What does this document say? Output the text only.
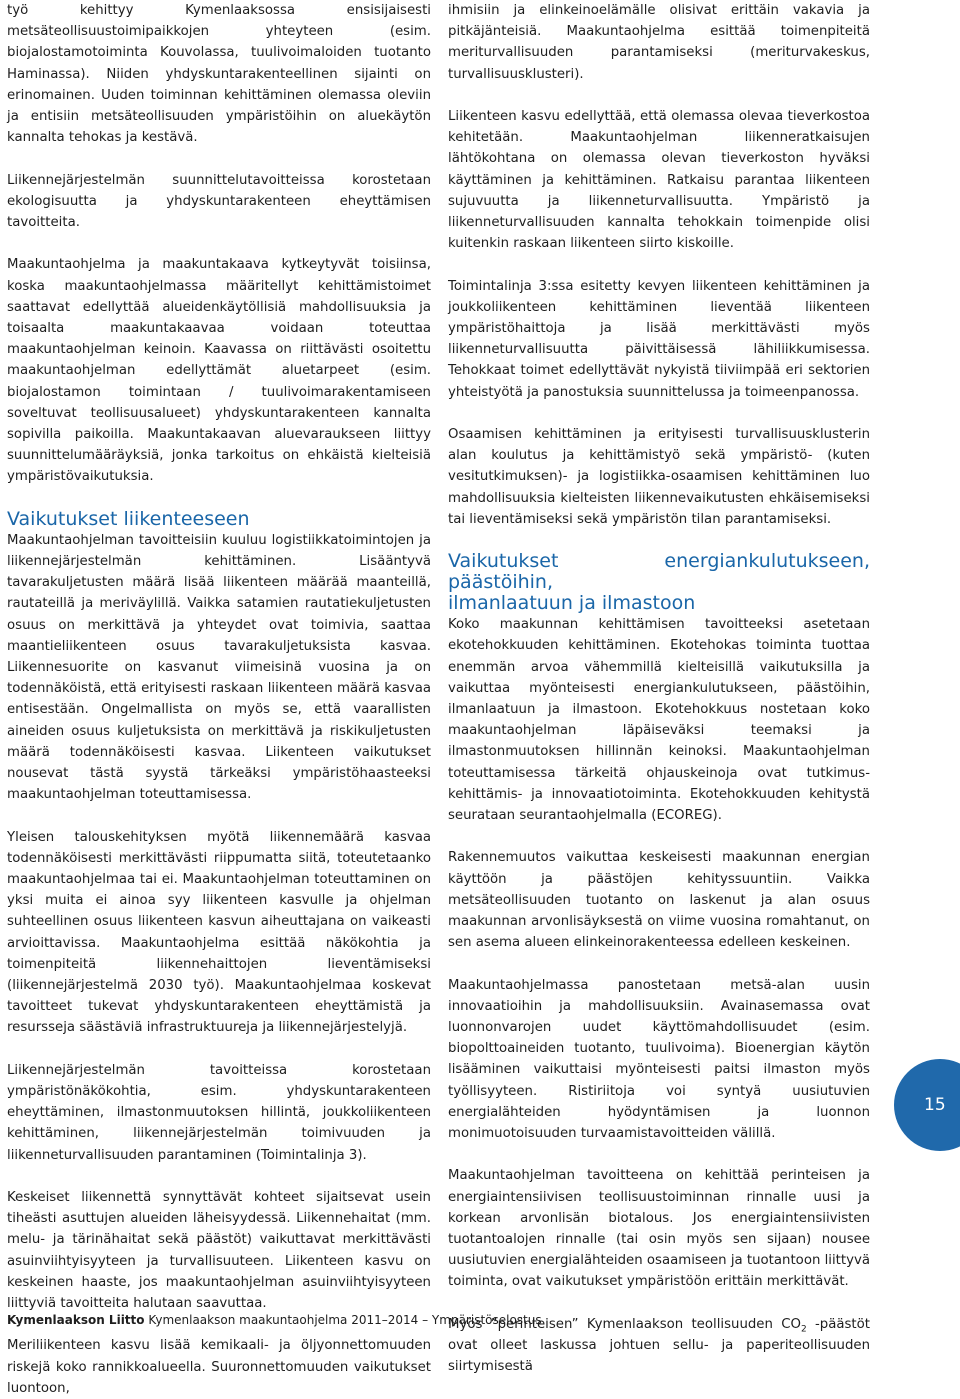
työ kehittyy Kymenlaaksossa ensisijaisesti metsäteollisuustoimipaikkojen yhteyteen (esim. biojalostamotoiminta Kouvolassa, tuulivoimaloiden tuotanto Haminassa). Niiden yhdyskuntarakenteellinen sijainti on erinomainen. Uuden toiminnan kehittäminen olemassa oleviin ja entisiin metsäteollisuuden ympäristöihin on aluekäytön kannalta tehokas ja kestävä.

Liikennejärjestelmän suunnittelutavoitteissa korostetaan ekologisuutta ja yhdyskuntarakenteen eheyttämisen tavoitteita.

Maakuntaohjelma ja maakuntakaava kytkeytyvät toisiinsa, koska maakuntaohjelmassa määritellyt kehittämistoimet saattavat edellyttää alueidenkäytöllisiä mahdollisuuksia ja toisaalta maakuntakaavaa voidaan toteuttaa maakuntaohjelman keinoin. Kaavassa on riittävästi osoitettu maakuntaohjelman edellyttämät aluetarpeet (esim. biojalostamon toimintaan / tuulivoimarakentamiseen soveltuvat teollisuusalueet) yhdyskuntarakenteen kannalta sopivilla paikoilla. Maakuntakaavan aluevaraukseen liittyy suunnittelumääräyksiä, jonka tarkoitus on ehkäistä kielteisiä ympäristövaikutuksia.

Vaikutukset liikenteeseen

Maakuntaohjelman tavoitteisiin kuuluu logistiikkatoimintojen ja liikennejärjestelmän kehittäminen. Lisääntyvä tavarakuljetusten määrä lisää liikenteen määrää maanteillä, rautateillä ja meriväylillä. Vaikka satamien rautatiekuljetusten osuus on merkittävä ja yhteydet ovat toimivia, saattaa maantieliikenteen osuus tavarakuljetuksista kasvaa. Liikennesuorite on kasvanut viimeisinä vuosina ja on todennäköistä, että erityisesti raskaan liikenteen määrä kasvaa entisestään. Ongelmallista on myös se, että vaarallisten aineiden osuus kuljetuksista on merkittävä ja riskikuljetusten määrä todennäköisesti kasvaa. Liikenteen vaikutukset nousevat tästä syystä tärkeäksi ympäristöhaasteeksi maakuntaohjelman toteuttamisessa.

Yleisen talouskehityksen myötä liikennemäärä kasvaa todennäköisesti merkittävästi riippumatta siitä, toteutetaanko maakuntaohjelmaa tai ei. Maakuntaohjelman toteuttaminen on yksi muita ei ainoa syy liikenteen kasvulle ja ohjelman suhteellinen osuus liikenteen kasvun aiheuttajana on vaikeasti arvioittavissa. Maakuntaohjelma esittää näkökohtia ja toimenpiteitä liikennehaittojen lieventämiseksi (liikennejärjestelmä 2030 työ). Maakuntaohjelmaa koskevat tavoitteet tukevat yhdyskuntarakenteen eheyttämistä ja resursseja säästäviä infrastruktuureja ja liikennejärjestelyjä.

Liikennejärjestelmän tavoitteissa korostetaan ympäristönäkökohtia, esim. yhdyskuntarakenteen eheyttäminen, ilmastonmuutoksen hillintä, joukkoliikenteen kehittäminen, liikennejärjestelmän toimivuuden ja liikenneturvallisuuden parantaminen (Toimintalinja 3).

Keskeiset liikennettä synnyttävät kohteet sijaitsevat usein tiheästi asuttujen alueiden läheisyydessä. Liikennehaitat (mm. melu- ja tärinähaitat sekä päästöt) vaikuttavat merkittävästi asuinviihtyisyyteen ja turvallisuuteen. Liikenteen kasvu on keskeinen haaste, jos maakuntaohjelman asuinviihtyisyyteen liittyviä tavoitteita halutaan saavuttaa.

Meriliikenteen kasvu lisää kemikaali- ja öljyonnettomuuden riskejä koko rannikkoalueella. Suuronnettomuuden vaikutukset luontoon,

ihmisiin ja elinkeinoelämälle olisivat erittäin vakavia ja pitkäjänteisiä. Maakuntaohjelma esittää toimenpiteitä meriturvallisuuden parantamiseksi (meriturvakeskus, turvallisuusklusteri).

Liikenteen kasvu edellyttää, että olemassa olevaa tieverkostoa kehitetään. Maakuntaohjelman liikenneratkaisujen lähtökohtana on olemassa olevan tieverkoston hyväksi käyttäminen ja kehittäminen. Ratkaisu parantaa liikenteen sujuvuutta ja liikenneturvallisuutta. Ympäristö ja liikenneturvallisuuden kannalta tehokkain toimenpide olisi kuitenkin raskaan liikenteen siirto kiskoille.

Toimintalinja 3:ssa esitetty kevyen liikenteen kehittäminen ja joukkoliikenteen kehittäminen lieventää liikenteen ympäristöhaittoja ja lisää merkittävästi myös liikenneturvallisuutta päivittäisessä lähiliikkumisessa. Tehokkaat toimet edellyttävät nykyistä tiiviimpää eri sektorien yhteistyötä ja panostuksia suunnittelussa ja toimeenpanossa.

Osaamisen kehittäminen ja erityisesti turvallisuusklusterin alan koulutus ja kehittämistyö sekä ympäristö- (kuten vesitutkimuksen)- ja logistiikka-osaamisen kehittäminen luo mahdollisuuksia kielteisten liikennevaikutusten ehkäisemiseksi tai lieventämiseksi sekä ympäristön tilan parantamiseksi.

Vaikutukset energiankulutukseen, päästöihin,
ilmanlaatuun ja ilmastoon

Koko maakunnan kehittämisen tavoitteeksi asetetaan ekotehokkuuden kehittäminen. Ekotehokas toiminta tuottaa enemmän arvoa vähemmillä kielteisillä vaikutuksilla ja vaikuttaa myönteisesti energiankulutukseen, päästöihin, ilmanlaatuun ja ilmastoon. Ekotehokkuus nostetaan koko maakuntaohjelman läpäiseväksi teemaksi ja ilmastonmuutoksen hillinnän keinoksi. Maakuntaohjelman toteuttamisessa tärkeitä ohjauskeinoja ovat tutkimus- kehittämis- ja innovaatiotoiminta. Ekotehokkuuden kehitystä seurataan seurantaohjelmalla (ECOREG).

Rakennemuutos vaikuttaa keskeisesti maakunnan energian käyttöön ja päästöjen kehityssuuntiin. Vaikka metsäteollisuuden tuotanto on laskenut ja alan osuus maakunnan arvonlisäyksestä on viime vuosina romahtanut, on sen asema alueen elinkeinorakenteessa edelleen keskeinen.

Maakuntaohjelmassa panostetaan metsä-alan uusin innovaatioihin ja mahdollisuuksiin. Avainasemassa ovat luonnonvarojen uudet käyttömahdollisuudet (esim. biopolttoaineiden tuotanto, tuulivoima). Bioenergian käytön lisääminen vaikuttaisi myönteisesti paitsi ilmaston myös työllisyyteen. Ristiriitoja voi syntyä uusiutuvien energialähteiden hyödyntämisen ja luonnon monimuotoisuuden turvaamistavoitteiden välillä.

Maakuntaohjelman tavoitteena on kehittää perinteisen ja energiaintensiivisen teollisuustoiminnan rinnalle uusi ja korkean arvonlisän biotalous. Jos energiaintensiivisten tuotantoalojen rinnalle (tai osin myös sen sijaan) nousee uusiutuvien energialähteiden osaamiseen ja tuotantoon liittyvä toiminta, ovat vaikutukset ympäristöön erittäin merkittävät.

Myös ”perinteisen” Kymenlaakson teollisuuden $CO_2$ -päästöt ovat olleet laskussa johtuen sellu- ja paperiteollisuuden siirtymisestä

15
Kymenlaakson Liitto Kymenlaakson maakuntaohjelma 2011–2014 – Ympäristöselostus
